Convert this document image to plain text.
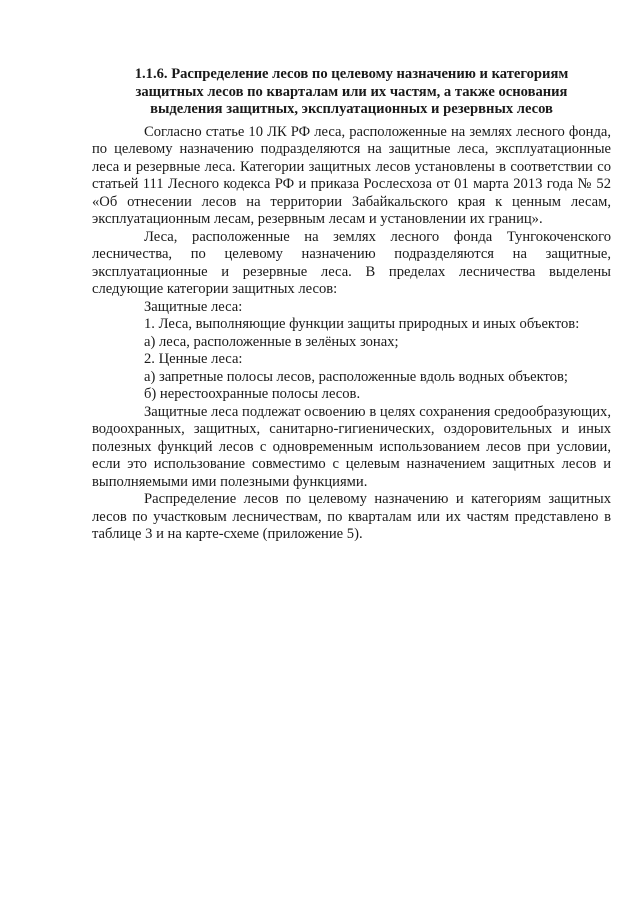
1.1.6. Распределение лесов по целевому назначению и категориям
защитных лесов по кварталам или их частям, а также основания
выделения защитных, эксплуатационных и резервных лесов

Согласно статье 10 ЛК РФ леса, расположенные на землях лесного фонда, по целевому назначению подразделяются на защитные леса, эксплуатационные леса и резервные леса. Категории защитных лесов установлены в соответствии со статьей 111 Лесного кодекса РФ и приказа Рослесхоза от 01 марта 2013 года № 52 «Об отнесении лесов на территории Забайкальского края к ценным лесам, эксплуатационным лесам, резервным лесам и установлении их границ».

Леса, расположенные на землях лесного фонда Тунгокоченского лесничества, по целевому назначению подразделяются на защитные, эксплуатационные и резервные леса. В пределах лесничества выделены следующие категории защитных лесов:

Защитные леса:

1. Леса, выполняющие функции защиты природных и иных объектов:

а) леса, расположенные в зелёных зонах;

2. Ценные леса:

а) запретные полосы лесов, расположенные вдоль водных объектов;

б) нерестоохранные полосы лесов.

Защитные леса подлежат освоению в целях сохранения средообразующих, водоохранных, защитных, санитарно-гигиенических, оздоровительных и иных полезных функций лесов с одновременным использованием лесов при условии, если это использование совместимо с целевым назначением защитных лесов и выполняемыми ими полезными функциями.

Распределение лесов по целевому назначению и категориям защитных лесов по участковым лесничествам, по кварталам или их частям представлено в таблице 3 и на карте-схеме (приложение 5).
